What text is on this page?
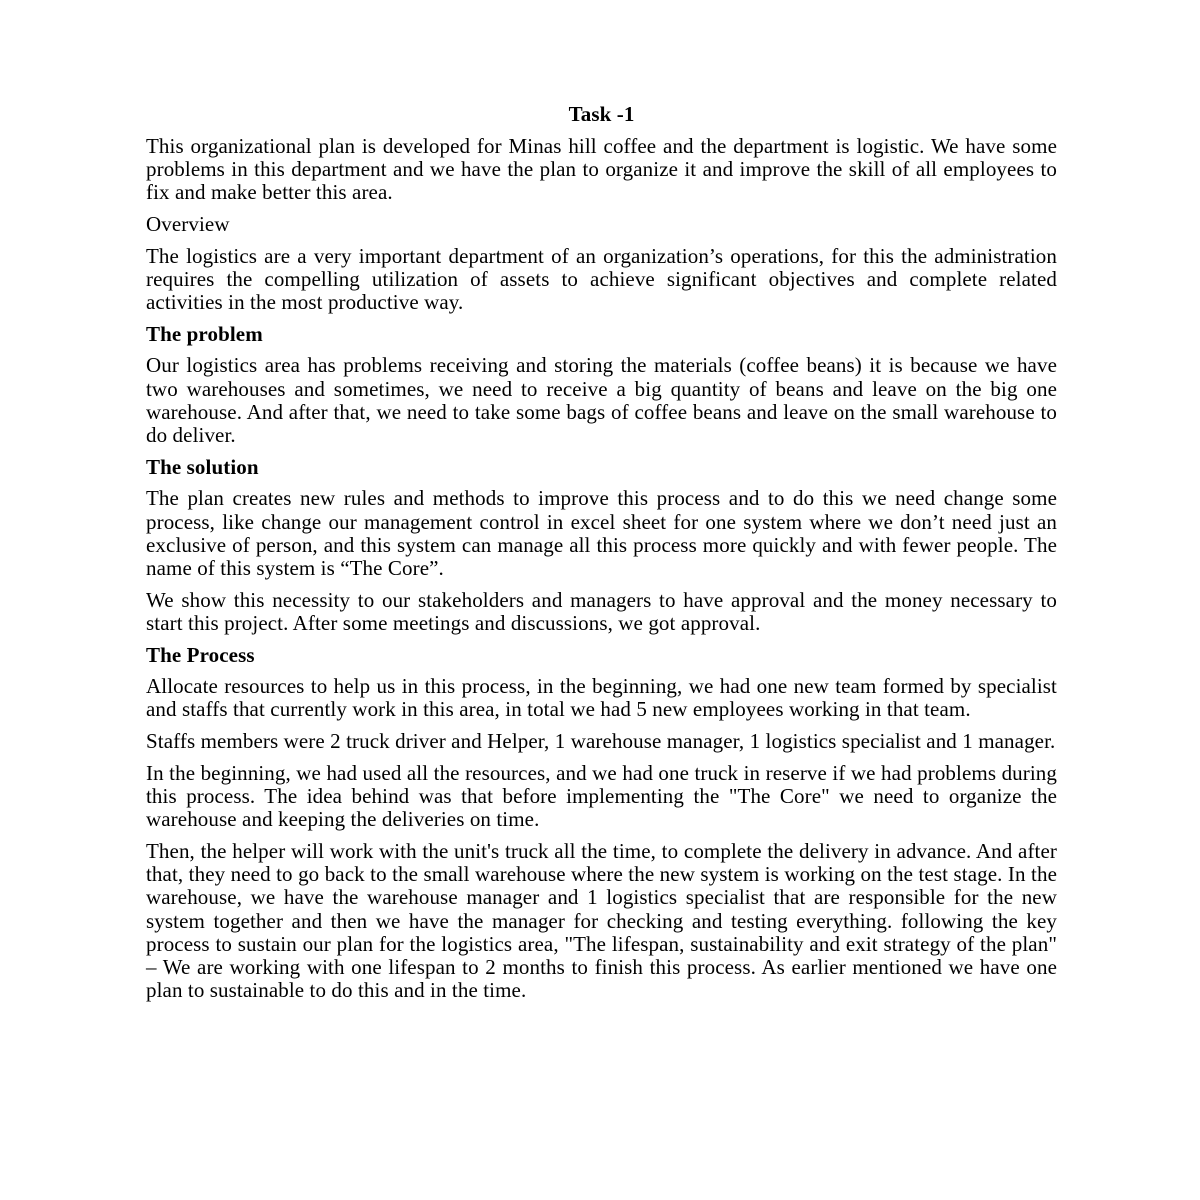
Task -1
This organizational plan is developed for Minas hill coffee and the department is logistic. We have some problems in this department and we have the plan to organize it and improve the skill of all employees to fix and make better this area.
Overview
The logistics are a very important department of an organization’s operations, for this the administration requires the compelling utilization of assets to achieve significant objectives and complete related activities in the most productive way.
The problem
Our logistics area has problems receiving and storing the materials (coffee beans) it is because we have two warehouses and sometimes, we need to receive a big quantity of beans and leave on the big one warehouse. And after that, we need to take some bags of coffee beans and leave on the small warehouse to do deliver.
The solution
The plan creates new rules and methods to improve this process and to do this we need change some process, like change our management control in excel sheet for one system where we don’t need just an exclusive of person, and this system can manage all this process more quickly and with fewer people. The name of this system is “The Core”.
We show this necessity to our stakeholders and managers to have approval and the money necessary to start this project. After some meetings and discussions, we got approval.
The Process
Allocate resources to help us in this process, in the beginning, we had one new team formed by specialist and staffs that currently work in this area, in total we had 5 new employees working in that team.
Staffs members were 2 truck driver and Helper, 1 warehouse manager, 1 logistics specialist and 1 manager.
In the beginning, we had used all the resources, and we had one truck in reserve if we had problems during this process. The idea behind was that before implementing the "The Core" we need to organize the warehouse and keeping the deliveries on time.
Then, the helper will work with the unit's truck all the time, to complete the delivery in advance. And after that, they need to go back to the small warehouse where the new system is working on the test stage. In the warehouse, we have the warehouse manager and 1 logistics specialist that are responsible for the new system together and then we have the manager for checking and testing everything. following the key process to sustain our plan for the logistics area, "The lifespan, sustainability and exit strategy of the plan" – We are working with one lifespan to 2 months to finish this process. As earlier mentioned we have one plan to sustainable to do this and in the time.
